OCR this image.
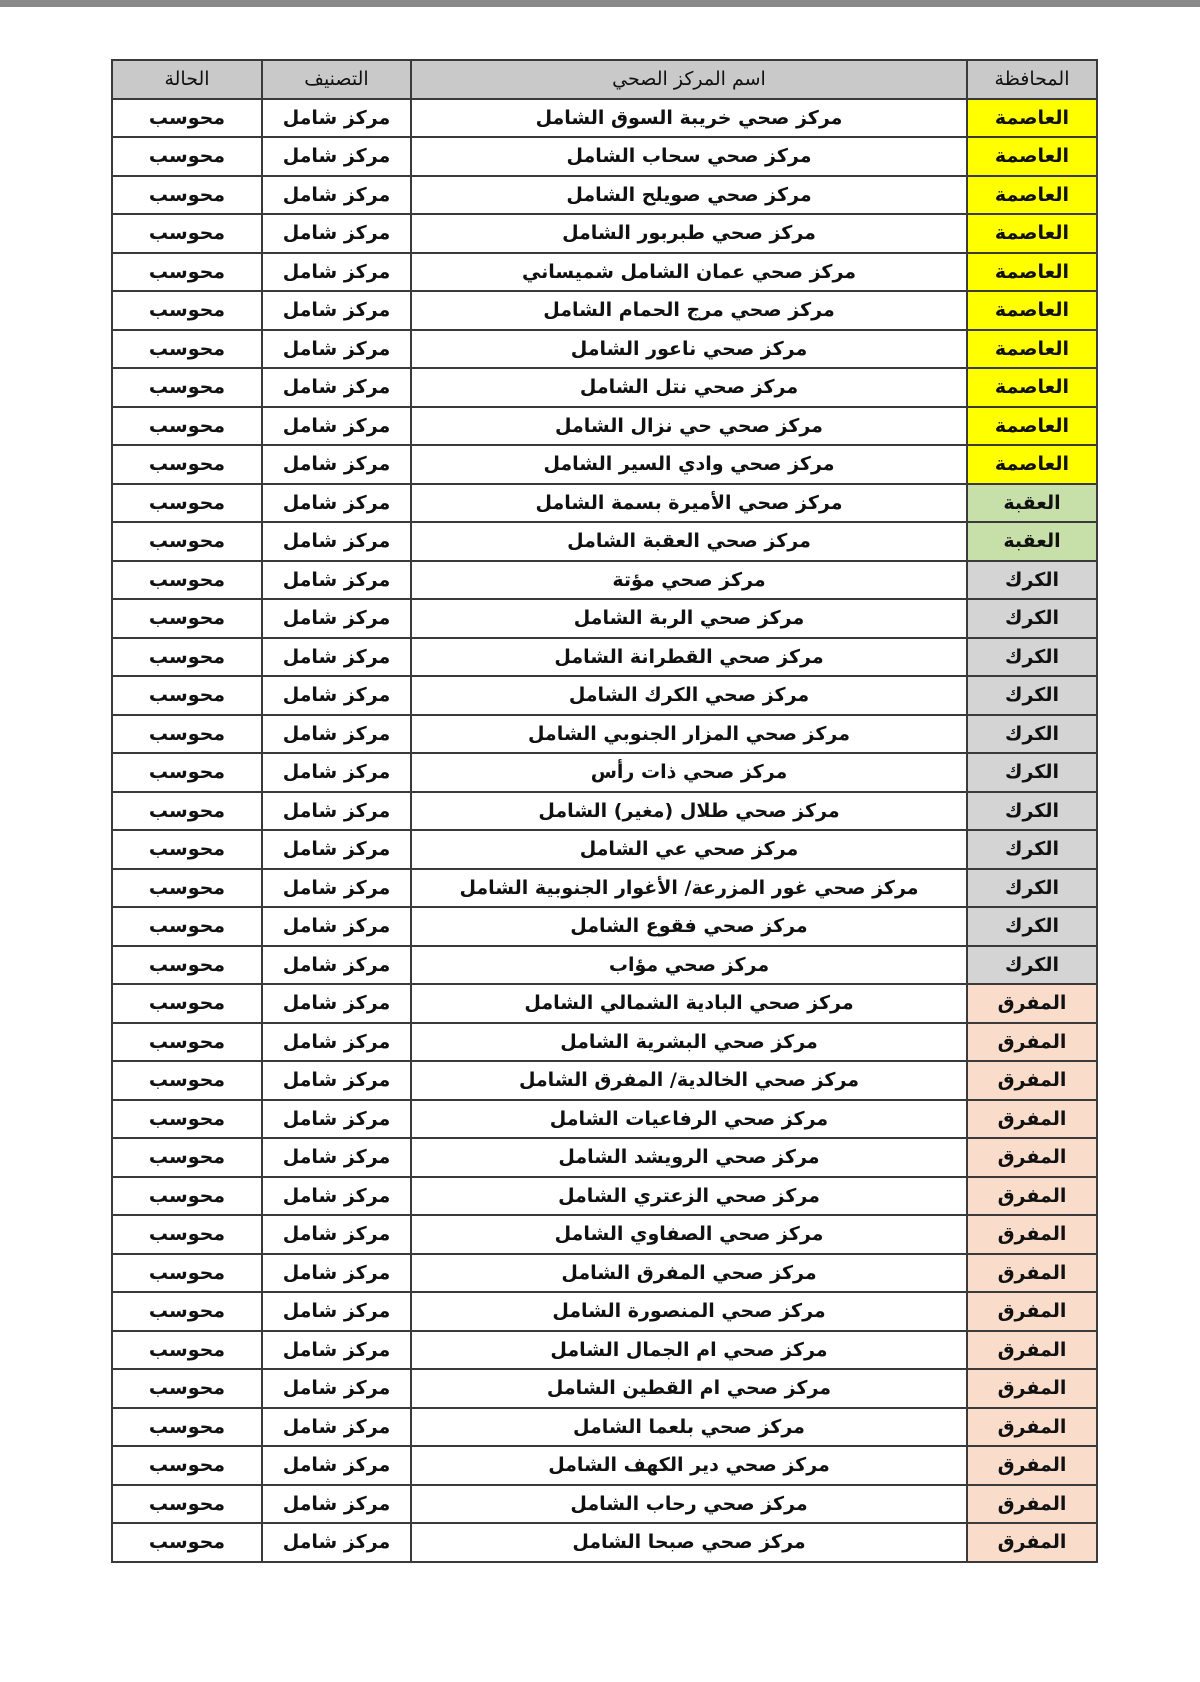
المحافظة	اسم المركز الصحي	التصنيف	الحالة
العاصمة	مركز صحي خريبة السوق الشامل	مركز شامل	محوسب
العاصمة	مركز صحي سحاب الشامل	مركز شامل	محوسب
العاصمة	مركز صحي صويلح الشامل	مركز شامل	محوسب
العاصمة	مركز صحي طبربور الشامل	مركز شامل	محوسب
العاصمة	مركز صحي عمان الشامل شميساني	مركز شامل	محوسب
العاصمة	مركز صحي مرج الحمام الشامل	مركز شامل	محوسب
العاصمة	مركز صحي ناعور الشامل	مركز شامل	محوسب
العاصمة	مركز صحي نتل الشامل	مركز شامل	محوسب
العاصمة	مركز صحي حي نزال الشامل	مركز شامل	محوسب
العاصمة	مركز صحي وادي السير الشامل	مركز شامل	محوسب
العقبة	مركز صحي الأميرة بسمة الشامل	مركز شامل	محوسب
العقبة	مركز صحي العقبة الشامل	مركز شامل	محوسب
الكرك	مركز صحي مؤتة	مركز شامل	محوسب
الكرك	مركز صحي الربة الشامل	مركز شامل	محوسب
الكرك	مركز صحي القطرانة الشامل	مركز شامل	محوسب
الكرك	مركز صحي الكرك الشامل	مركز شامل	محوسب
الكرك	مركز صحي المزار الجنوبي الشامل	مركز شامل	محوسب
الكرك	مركز صحي ذات رأس	مركز شامل	محوسب
الكرك	مركز صحي طلال (مغير) الشامل	مركز شامل	محوسب
الكرك	مركز صحي عي الشامل	مركز شامل	محوسب
الكرك	مركز صحي غور المزرعة/ الأغوار الجنوبية الشامل	مركز شامل	محوسب
الكرك	مركز صحي فقوع الشامل	مركز شامل	محوسب
الكرك	مركز صحي مؤاب	مركز شامل	محوسب
المفرق	مركز صحي البادية الشمالي الشامل	مركز شامل	محوسب
المفرق	مركز صحي البشرية الشامل	مركز شامل	محوسب
المفرق	مركز صحي الخالدية/ المفرق الشامل	مركز شامل	محوسب
المفرق	مركز صحي الرفاعيات الشامل	مركز شامل	محوسب
المفرق	مركز صحي الرويشد الشامل	مركز شامل	محوسب
المفرق	مركز صحي الزعتري الشامل	مركز شامل	محوسب
المفرق	مركز صحي الصفاوي الشامل	مركز شامل	محوسب
المفرق	مركز صحي المفرق الشامل	مركز شامل	محوسب
المفرق	مركز صحي المنصورة الشامل	مركز شامل	محوسب
المفرق	مركز صحي ام الجمال الشامل	مركز شامل	محوسب
المفرق	مركز صحي ام القطين الشامل	مركز شامل	محوسب
المفرق	مركز صحي بلعما الشامل	مركز شامل	محوسب
المفرق	مركز صحي دير الكهف الشامل	مركز شامل	محوسب
المفرق	مركز صحي رحاب الشامل	مركز شامل	محوسب
المفرق	مركز صحي صبحا الشامل	مركز شامل	محوسب
